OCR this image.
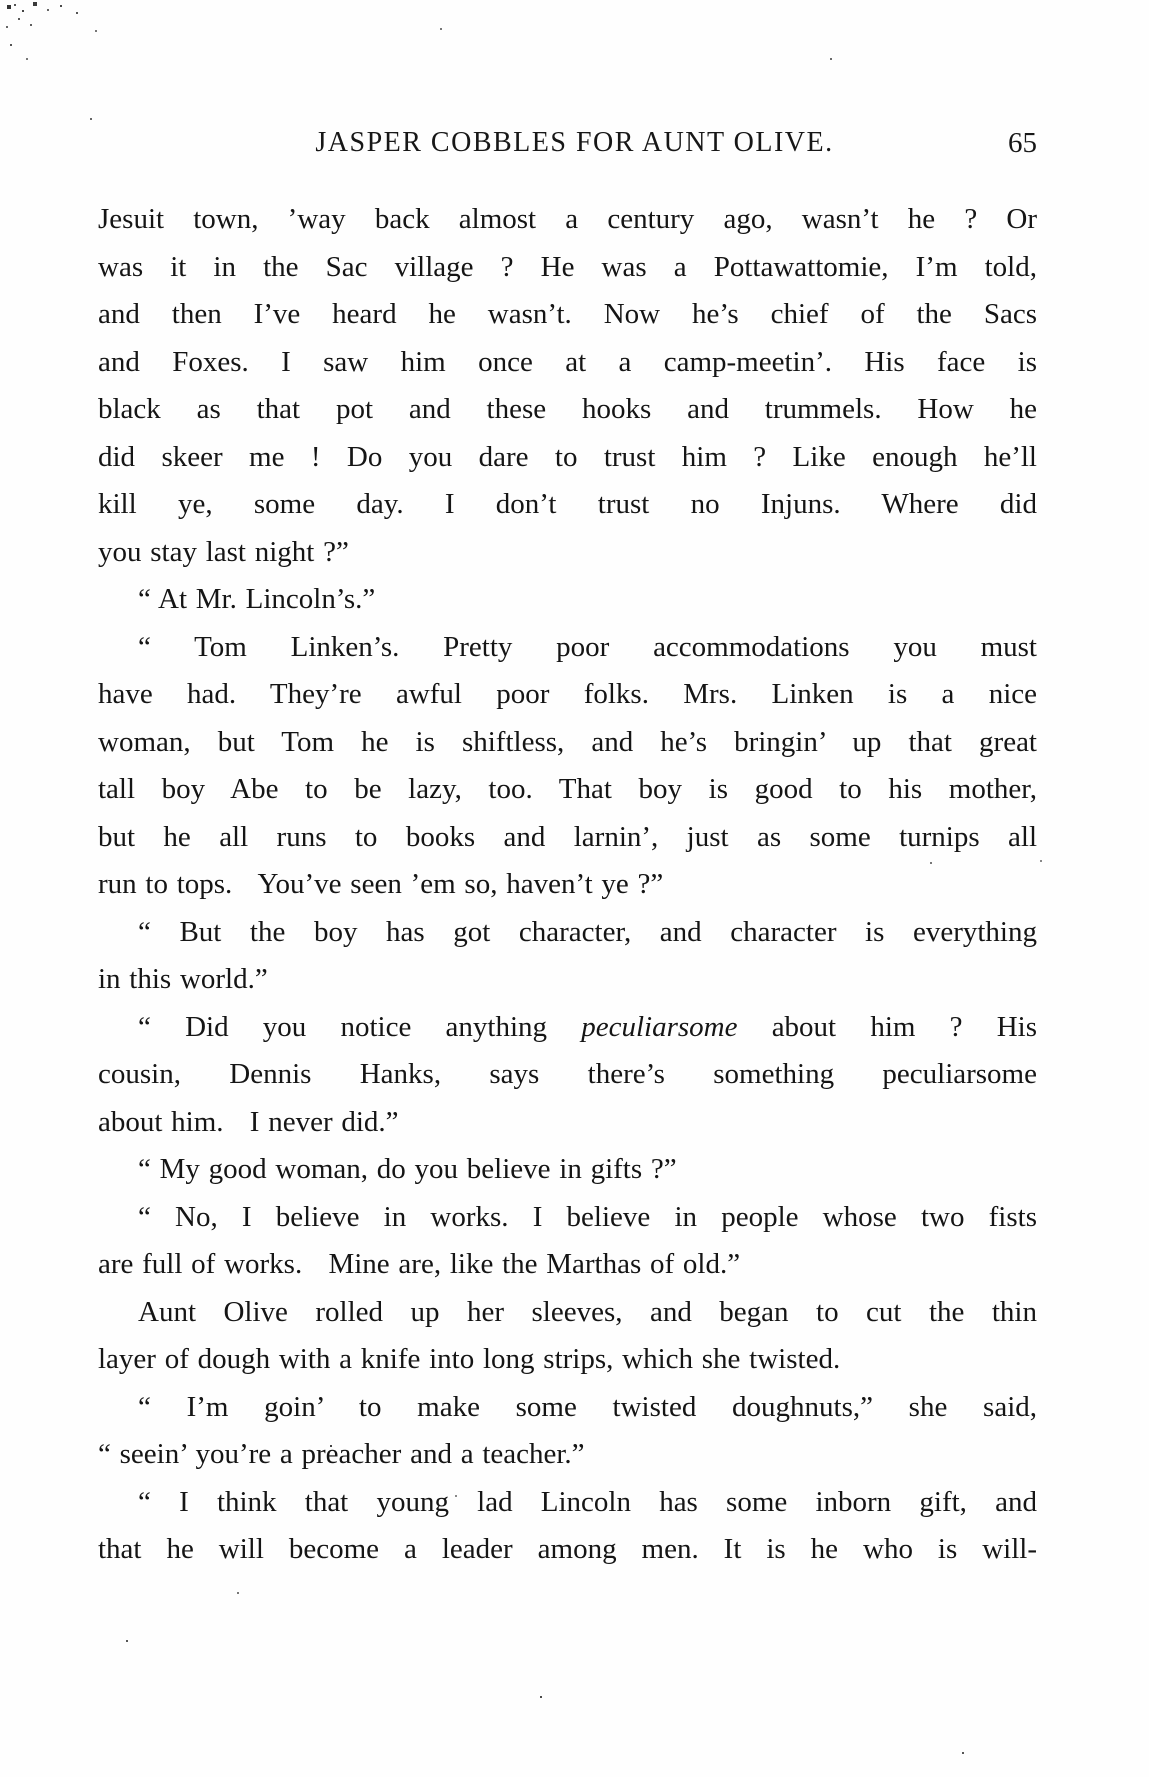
JASPER COBBLES FOR AUNT OLIVE.	65
Jesuit town, ’way back almost a century ago, wasn’t he ? Or
was it in the Sac village ? He was a Pottawattomie, I’m told,
and then I’ve heard he wasn’t. Now he’s chief of the Sacs
and Foxes. I saw him once at a camp-meetin’. His face is
black as that pot and these hooks and trummels. How he
did skeer me ! Do you dare to trust him ? Like enough he’ll
kill ye, some day. I don’t trust no Injuns. Where did
you stay last night ?”
“ At Mr. Lincoln’s.”
“ Tom Linken’s. Pretty poor accommodations you must
have had. They’re awful poor folks. Mrs. Linken is a nice
woman, but Tom he is shiftless, and he’s bringin’ up that great
tall boy Abe to be lazy, too. That boy is good to his mother,
but he all runs to books and larnin’, just as some turnips all
run to tops.   You’ve seen ’em so, haven’t ye ?”
“ But the boy has got character, and character is everything
in this world.”
“ Did you notice anything peculiarsome about him ? His
cousin, Dennis Hanks, says there’s something peculiarsome
about him.   I never did.”
“ My good woman, do you believe in gifts ?”
“ No, I believe in works. I believe in people whose two fists
are full of works.   Mine are, like the Marthas of old.”
Aunt Olive rolled up her sleeves, and began to cut the thin
layer of dough with a knife into long strips, which she twisted.
“ I’m goin’ to make some twisted doughnuts,” she said,
“ seein’ you’re a preacher and a teacher.”
“ I think that young lad Lincoln has some inborn gift, and
that he will become a leader among men. It is he who is will-
